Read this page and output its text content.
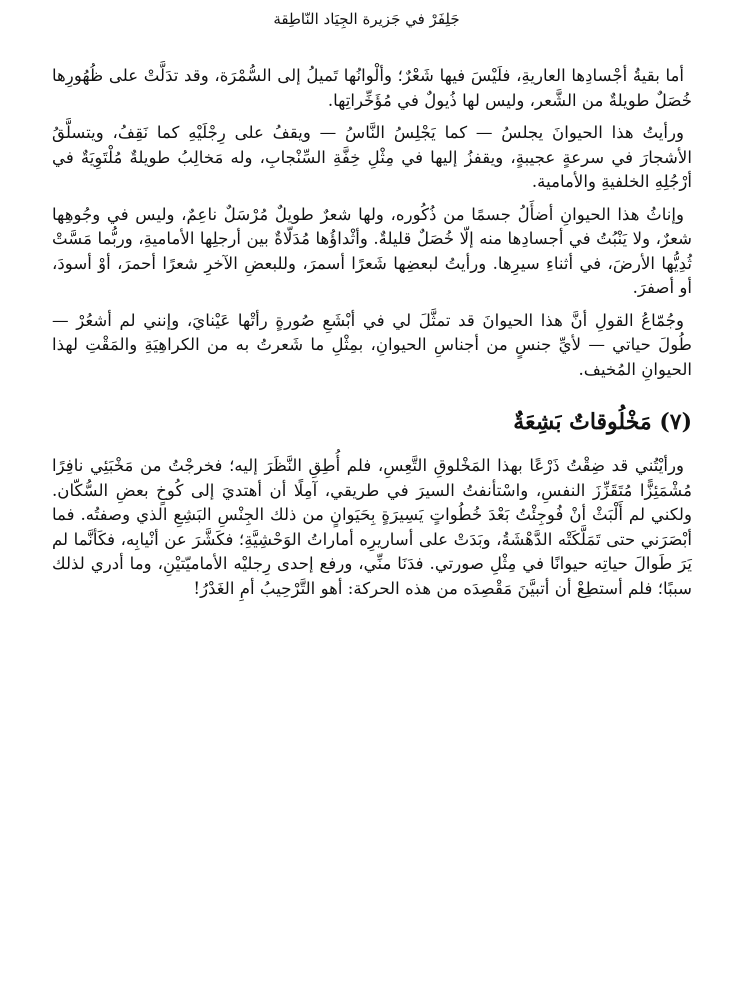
جَلِفَرْ في جَزيرة الجِيَاد النّاطِقة

أما بقيةُ أجْسادِها العاريةِ، فلَيْسَ فيها شَعْرٌ؛ وألْوانُها تَميلُ إلى السُّمْرَة، وقد تدَلَّتْ على ظُهُورِها خُصَلٌ طويلةٌ من الشَّعر، وليس لها ذُيولٌ في مُؤَخِّراتِها.

ورأيتُ هذا الحيوانَ يجلسُ — كما يَجْلِسُ النَّاسُ — ويقفُ على رِجْلَيْهِ كما نَقِفُ، ويتسلَّقُ الأشجارَ في سرعةٍ عجيبةٍ، ويقفزُ إليها في مِثْلِ خِفَّةِ السِّنْجابِ، وله مَخالِبُ طويلةٌ مُلْتَوِيَةٌ في أرْجُلِهِ الخلفيةِ والأمامية.

وإناثُ هذا الحيوانِ أضأَلُ جسمًا من ذُكُوره، ولها شعرٌ طويلٌ مُرْسَلٌ ناعِمٌ، وليس في وجُوهِها شعرٌ، ولا يَنْبُتُ في أجسادِها منه إلّا خُصَلٌ قليلةٌ. وأثْداؤُها مُدَلّاةٌ بين أرجلِها الأماميةِ، وربُّما مَسَّتْ ثُدِيُّها الأرضَ، في أثناءِ سيرِها. ورأيتُ لبعضِها شَعرًا أسمرَ، وللبعضِ الآخرِ شعرًا أحمرَ، أوْ أسودَ، أو أصفرَ.

وجُمّاعُ القولِ أنَّ هذا الحيوانَ قد تمثَّلَ لي في أبْشَعِ صُورةٍ رأتْها عَيْنايَ، وإنني لم أشعُرْ — طُولَ حياتي — لأيِّ جنسٍ من أجناسِ الحيوانِ، بمِثْلِ ما شَعرتُ به من الكراهِيَةِ والمَقْتِ لهذا الحيوانِ المُخيف.

(٧) مَخْلُوقاتٌ بَشِعَةٌ

ورأيْتُني قد ضِقْتُ ذَرْعًا بهذا المَخْلوقِ التَّعِسِ، فلم أُطِقِ النَّظَرَ إليه؛ فخرجْتُ من مَخْبَئِي نافِرًا مُشْمَئِزًّا مُتَقَزِّزَ النفسِ، واسْتأنفتُ السيرَ في طريقي، آمِلًا أن أهتديَ إلى كُوخٍ بعضِ السُّكّان. ولكني لم أَلْبَثْ أنْ فُوجِئْتُ بَعْدَ خُطُواتٍ يَسِيرَةٍ بِحَيَوانٍ من ذلك الجِنْسِ البَشِعِ الذي وصفتُه. فما أبْصَرَني حتى تَمَلَّكَتْه الدَّهْشَةُ، وبَدَتْ على أساريرِه أماراتُ الوَحْشِيَّةِ؛ فكَشَّرَ عن أنْيابِه، فكَأنَّما لم يَرَ طَوالَ حياتِه حيوانًا في مِثْلِ صورتي. فدَنَا منِّي، ورفع إحدى رِجليْه الأماميّتيْنِ، وما أدري لذلك سببًا؛ فلم أستطِعْ أن أتبيَّنَ مَقْصِدَه من هذه الحركة: أهو التَّرْحِيبُ أمِ الغَدْرُ!
